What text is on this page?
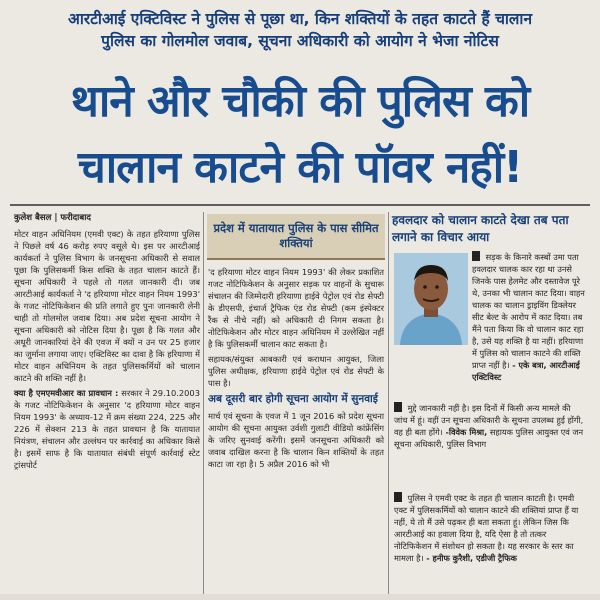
आरटीआई एक्टिविस्ट ने पुलिस से पूछा था, किन शक्तियों के तहत काटते हैं चालान
पुलिस का गोलमोल जवाब, सूचना अधिकारी को आयोग ने भेजा नोटिस
थाने और चौकी की पुलिस को
चालान काटने की पॉवर नहीं!
कुलेश बैसल | फरीदाबाद

मोटर वाहन अधिनियम (एमवी एक्ट) के तहत हरियाणा पुलिस ने पिछले वर्ष 46 करोड़ रुपए वसूले थे। इस पर आरटीआई कार्यकर्ता ने पुलिस विभाग के जनसूचना अधिकारी से सवाल पूछा कि पुलिसकर्मी किस शक्ति के तहत चालान काटते हैं। सूचना अधिकारी ने पहले तो गलत जानकारी दी। जब आरटीआई कार्यकर्ता ने 'द हरियाणा मोटर वाहन नियम 1993' के गजट नोटिफिकेशन की प्रति लगाते हुए पुनः जानकारी लेनी चाही तो गोलमोल जवाब दिया। अब प्रदेश सूचना आयोग ने सूचना अधिकारी को नोटिस दिया है। पूछा है कि गलत और अधूरी जानकारियां देने की एवज में क्यों न उन पर 25 हजार का जुर्माना लगाया जाए। एक्टिविस्ट का दावा है कि हरियाणा में मोटर वाहन अधिनियम के तहत पुलिसकर्मियों को चालान काटने की शक्ति नहीं है।

क्या है एमएमवीआर का प्रावधान : सरकार ने 29.10.2003 के गजट नोटिफिकेशन के अनुसार 'द हरियाणा मोटर वाहन नियम 1993' के अध्याय-12 में क्रम संख्या 224, 225 और 226 में सेक्शन 213 के तहत प्रावधान है कि यातायात नियंत्रण, संचालन और उल्लंघन पर कार्रवाई का अधिकार किसे है। इसमें साफ है कि यातायात संबंधी संपूर्ण कार्रवाई स्टेट ट्रांसपोर्ट

प्रदेश में यातायात पुलिस के पास सीमित शक्तियां

'द हरियाणा मोटर वाहन नियम 1993' की लेकर प्रकाशित गजट नोटिफिकेशन के अनुसार सड़क पर वाहनों के सुचारू संचालन की जिम्मेदारी हरियाणा हाईवे पेट्रोल एवं रोड सेफ्टी के डीएसपी, इंचार्ज ट्रैफिक एंड रोड सेफ्टी (कम इंस्पेक्टर रैंक से नीचे नहीं) को अधिकारी दी निगम सकता है। नोटिफिकेशन और मोटर वाहन अधिनियम में उल्लेखित नहीं है कि पुलिसकर्मी चालान काट सकता है।

सहायक/संयुक्त आबकारी एवं कराधान आयुक्त, जिला पुलिस अधीक्षक, हरियाणा हाईवे पेट्रोल एवं रोड सेफ्टी के पास है।

अब दूसरी बार होगी सूचना आयोग में सुनवाई

मार्च एवं सूचना के एवज में 1 जून 2016 को प्रदेश सूचना आयोग की सूचना आयुक्त उर्वशी गुलाटी वीडियो कांफ्रेंसिंग के जरिए सुनवाई करेंगी। इसमें जनसूचना अधिकारी को जवाब दाखिल करना है कि चालान किन शक्तियों के तहत काटा जा रहा है। 5 अप्रैल 2016 को भी

हवलदार को चालान काटते देखा तब पता लगाने का विचार आया
सड़क के किनारे कस्बों उमा पता हवलदार चालक कार रहा था उनसे जिनके पास हेलमेट और दस्तावेज पूरे थे, उनका भी चालान काट दिया। वाहन चालक का चालान ड्राइविंग डिक्लेयर सीट बेल्ट के आरोप में काट दिया। तब मैंने पता किया कि वो चालान काट रहा है, उसे यह शक्ति है या नहीं। हरियाणा में पुलिस को चालान काटने की शक्ति प्राप्त नहीं है। - एके बत्रा, आरटीआई एक्टिविस्ट
मुद्दे जानकारी नहीं है। इस दिनों में किसी अन्य मामले की जांच में हूं। वहीं उन सूचना अधिकारी के सूचना उपलब्ध हुई होंगी, वह ही बता होंगे। -विवेक मिश्रा, सहायक पुलिस आयुक्त एवं जन सूचना अधिकारी, पुलिस विभाग
पुलिस ने एमवी एक्ट के तहत ही चालान काटती है। एमवी एक्ट में पुलिसकर्मियों को चालान काटने की शक्तियां प्राप्त हैं या नहीं, ये तो मैं उसे पढ़कर ही बता सकता हूं। लेकिन जिस कि आरटीआई का हवाला दिया है, यदि ऐसा है तो तत्कर नोटिफिकेशन में संशोधन हो सकता है। यह सरकार के स्तर का मामला है। - हनीफ कुरैशी, एडीजी ट्रैफिक
